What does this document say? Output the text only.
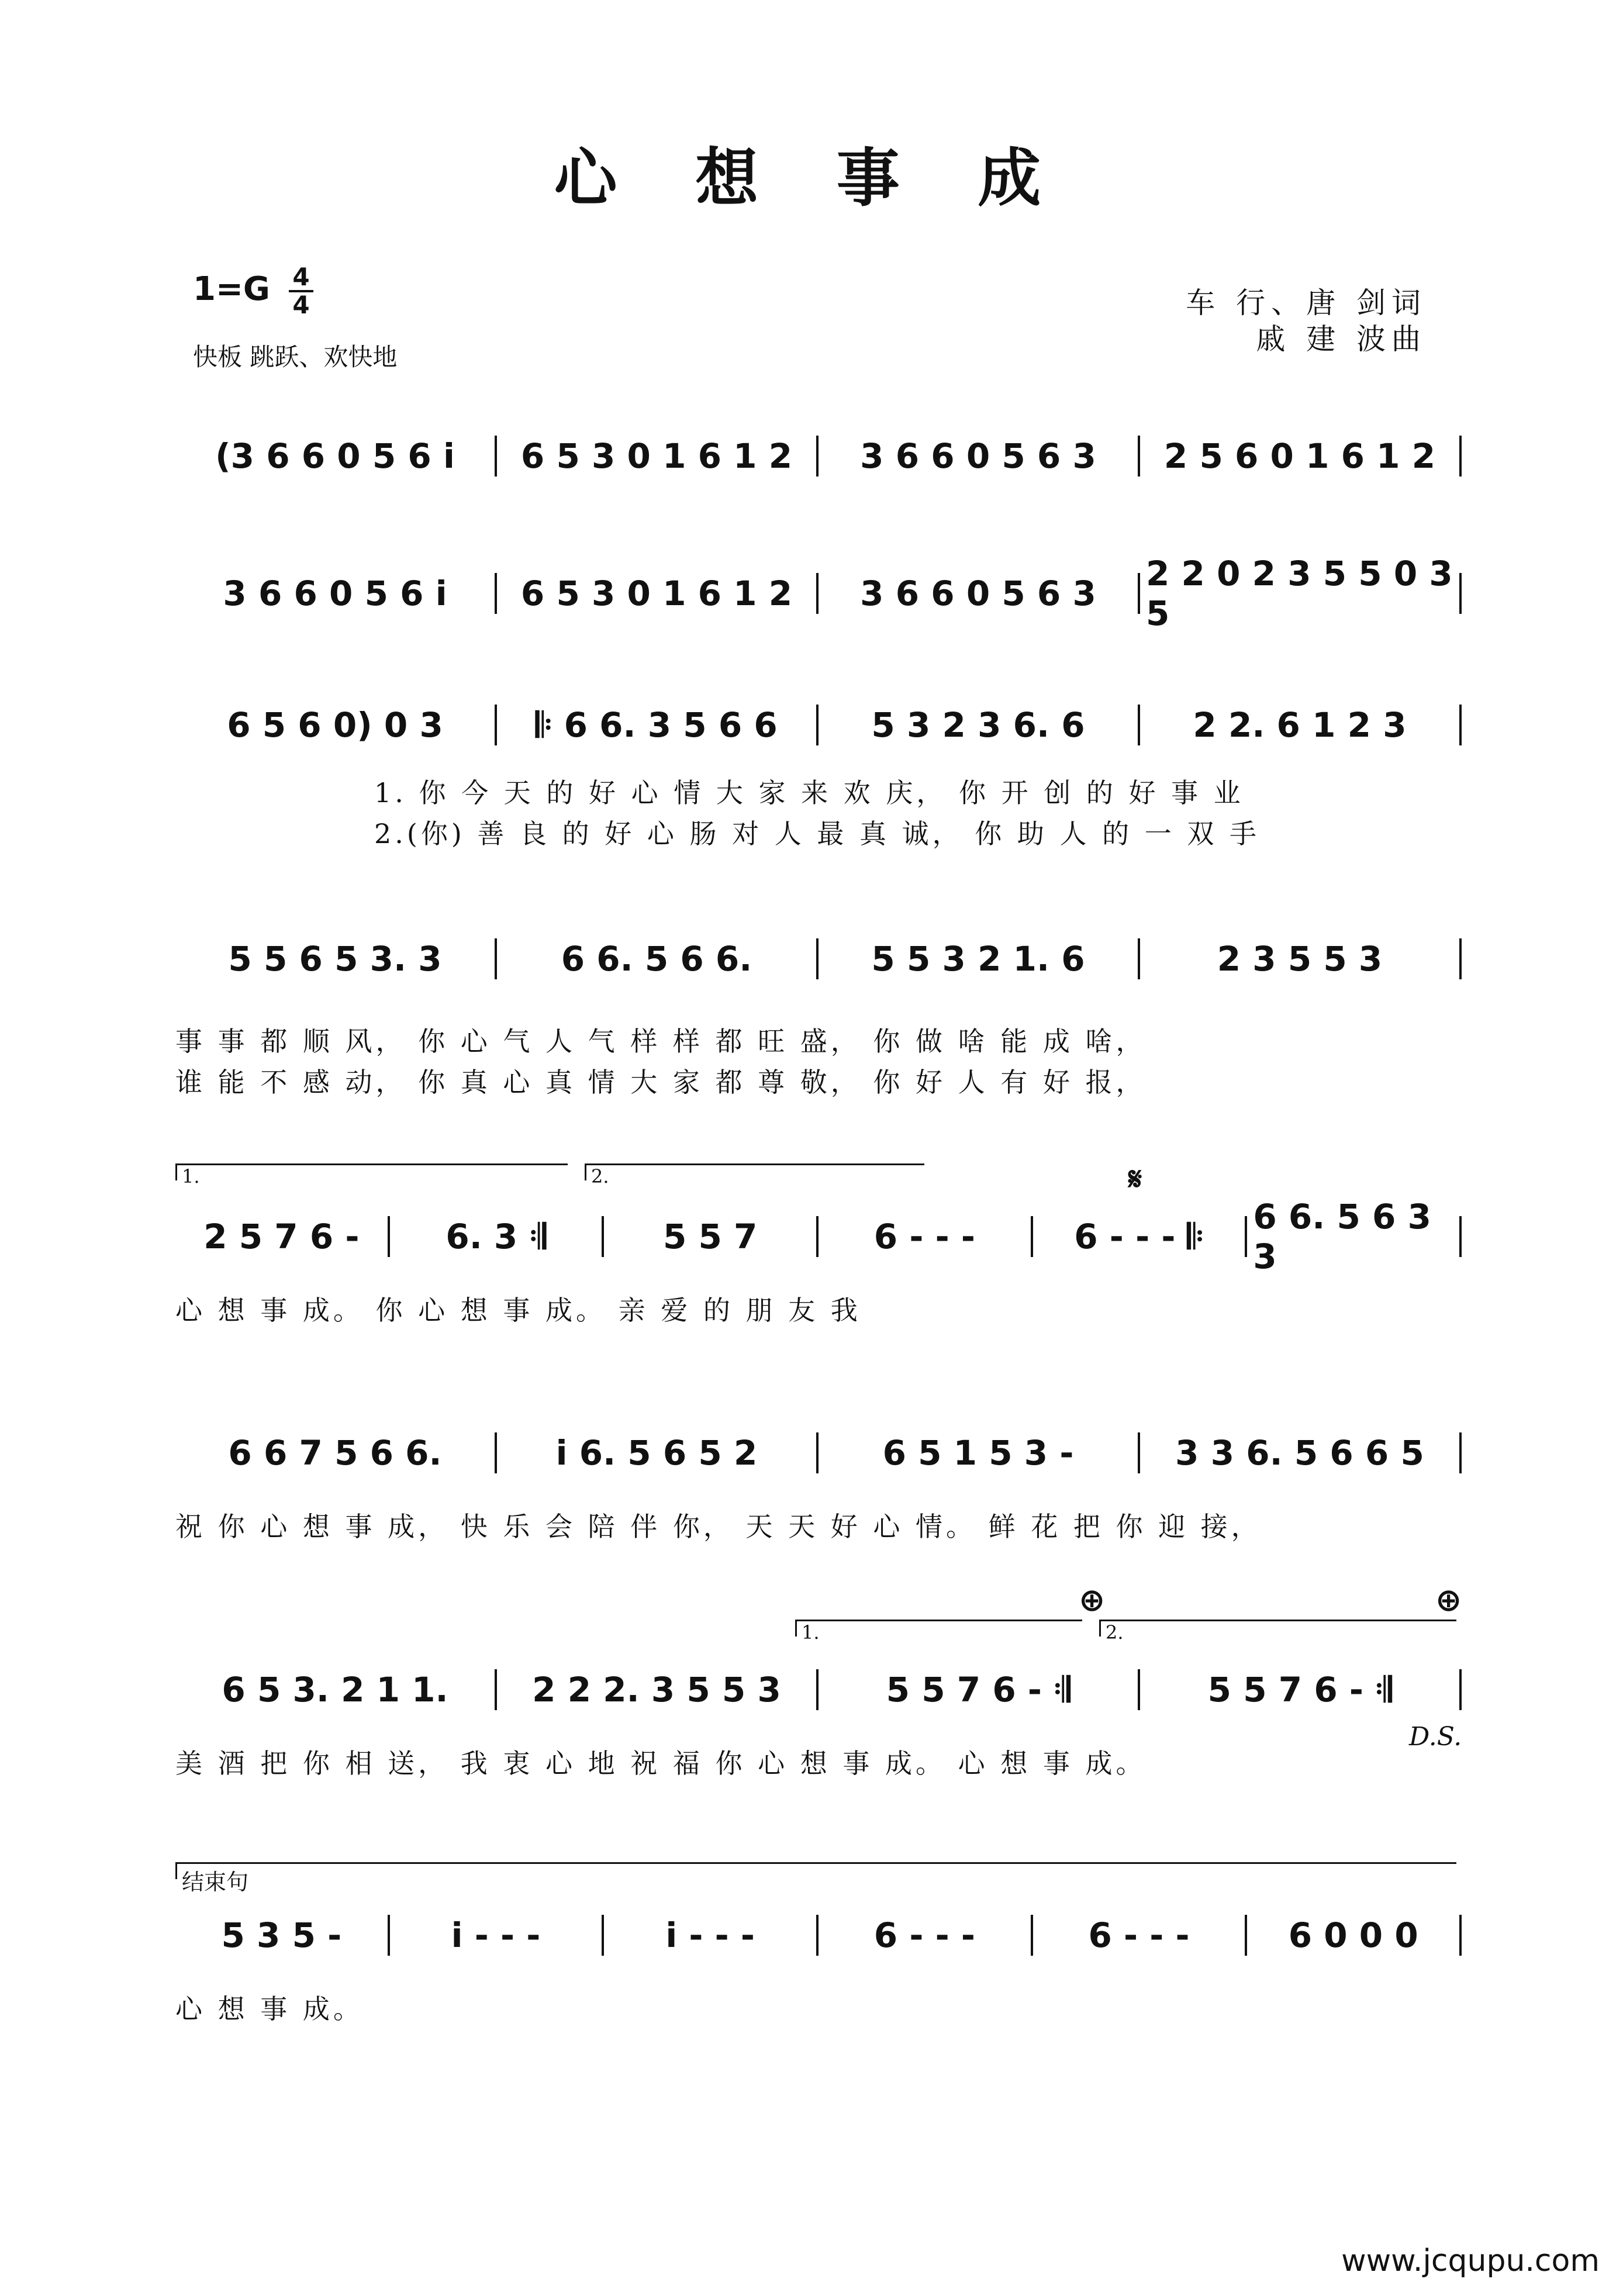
心 想 事 成
1=G 4
4
快板 跳跃、欢快地
车 行、唐 剑词
戚 建 波曲
(3 6 6 0 5 6 i	6 5 3 0 1 6 1 2	3 6 6 0 5 6 3	2 5 6 0 1 6 1 2
3 6 6 0 5 6 i	6 5 3 0 1 6 1 2	3 6 6 0 5 6 3	2 2 0 2 3 5 5 0 3 5
6 5 6 0) 0 3	𝄆 6 6. 3 5 6 6	5 3 2 3 6. 6	2 2. 6 1 2 3
1. 你 今 天 的 好 心 情 大 家 来 欢 庆， 你 开 创 的 好 事 业
2.(你) 善 良 的 好 心 肠 对 人 最 真 诚， 你 助 人 的 一 双 手
5 5 6 5 3. 3	6 6. 5 6 6.	5 5 3 2 1. 6	2 3 5 5 3
事 事 都 顺 风， 你 心 气 人 气 样 样 都 旺 盛， 你 做 啥 能 成 啥，
谁 能 不 感 动， 你 真 心 真 情 大 家 都 尊 敬， 你 好 人 有 好 报，
1.	2.	𝄋
2 5 7 6 -	6. 3 𝄇	5 5 7	6 - - -	6 - - - 𝄆	6 6. 5 6 3 3
心 想 事 成。 你 心 想 事 成。 亲 爱 的 朋 友 我
6 6 7 5 6 6.	i 6. 5 6 5 2	6 5 1 5 3 -	3 3 6. 5 6 6 5
祝 你 心 想 事 成， 快 乐 会 陪 伴 你， 天 天 好 心 情。 鲜 花 把 你 迎 接，
1.	2.
⊕	⊕
6 5 3. 2 1 1.	2 2 2. 3 5 5 3	5 5 7 6 - 𝄇	5 5 7 6 - 𝄇
美 酒 把 你 相 送， 我 衷 心 地 祝 福 你 心 想 事 成。 心 想 事 成。
D.S.
结束句
5 3 5 -	i - - -	i - - -	6 - - -	6 - - -	6 0 0 0
心 想 事 成。
www.jcqupu.com
